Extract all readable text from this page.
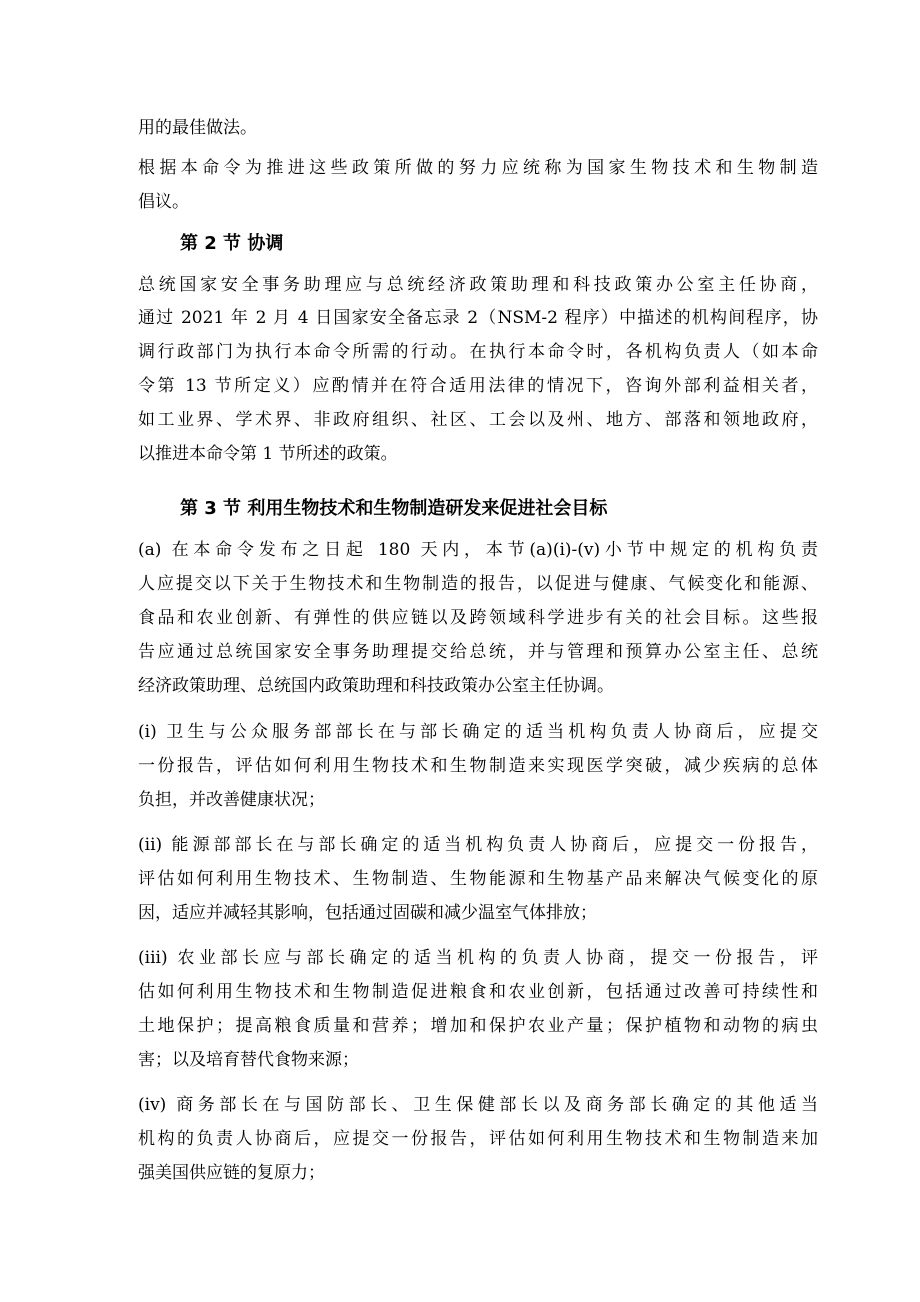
用的最佳做法。

根据本命令为推进这些政策所做的努力应统称为国家生物技术和生物制造

倡议。

第 2 节 协调

总统国家安全事务助理应与总统经济政策助理和科技政策办公室主任协商，

通过 2021 年 2 月 4 日国家安全备忘录 2（NSM-2 程序）中描述的机构间程序，协

调行政部门为执行本命令所需的行动。在执行本命令时，各机构负责人（如本命

令第 13 节所定义）应酌情并在符合适用法律的情况下，咨询外部利益相关者，

如工业界、学术界、非政府组织、社区、工会以及州、地方、部落和领地政府，

以推进本命令第 1 节所述的政策。

第 3 节 利用生物技术和生物制造研发来促进社会目标

(a) 在本命令发布之日起 180 天内，本节(a)(i)-(v)小节中规定的机构负责

人应提交以下关于生物技术和生物制造的报告，以促进与健康、气候变化和能源、

食品和农业创新、有弹性的供应链以及跨领域科学进步有关的社会目标。这些报

告应通过总统国家安全事务助理提交给总统，并与管理和预算办公室主任、总统

经济政策助理、总统国内政策助理和科技政策办公室主任协调。

(i) 卫生与公众服务部部长在与部长确定的适当机构负责人协商后，应提交

一份报告，评估如何利用生物技术和生物制造来实现医学突破，减少疾病的总体

负担，并改善健康状况；

(ii) 能源部部长在与部长确定的适当机构负责人协商后，应提交一份报告，

评估如何利用生物技术、生物制造、生物能源和生物基产品来解决气候变化的原

因，适应并减轻其影响，包括通过固碳和减少温室气体排放；

(iii) 农业部长应与部长确定的适当机构的负责人协商，提交一份报告，评

估如何利用生物技术和生物制造促进粮食和农业创新，包括通过改善可持续性和

土地保护；提高粮食质量和营养；增加和保护农业产量；保护植物和动物的病虫

害；以及培育替代食物来源；

(iv) 商务部长在与国防部长、卫生保健部长以及商务部长确定的其他适当

机构的负责人协商后，应提交一份报告，评估如何利用生物技术和生物制造来加

强美国供应链的复原力；
